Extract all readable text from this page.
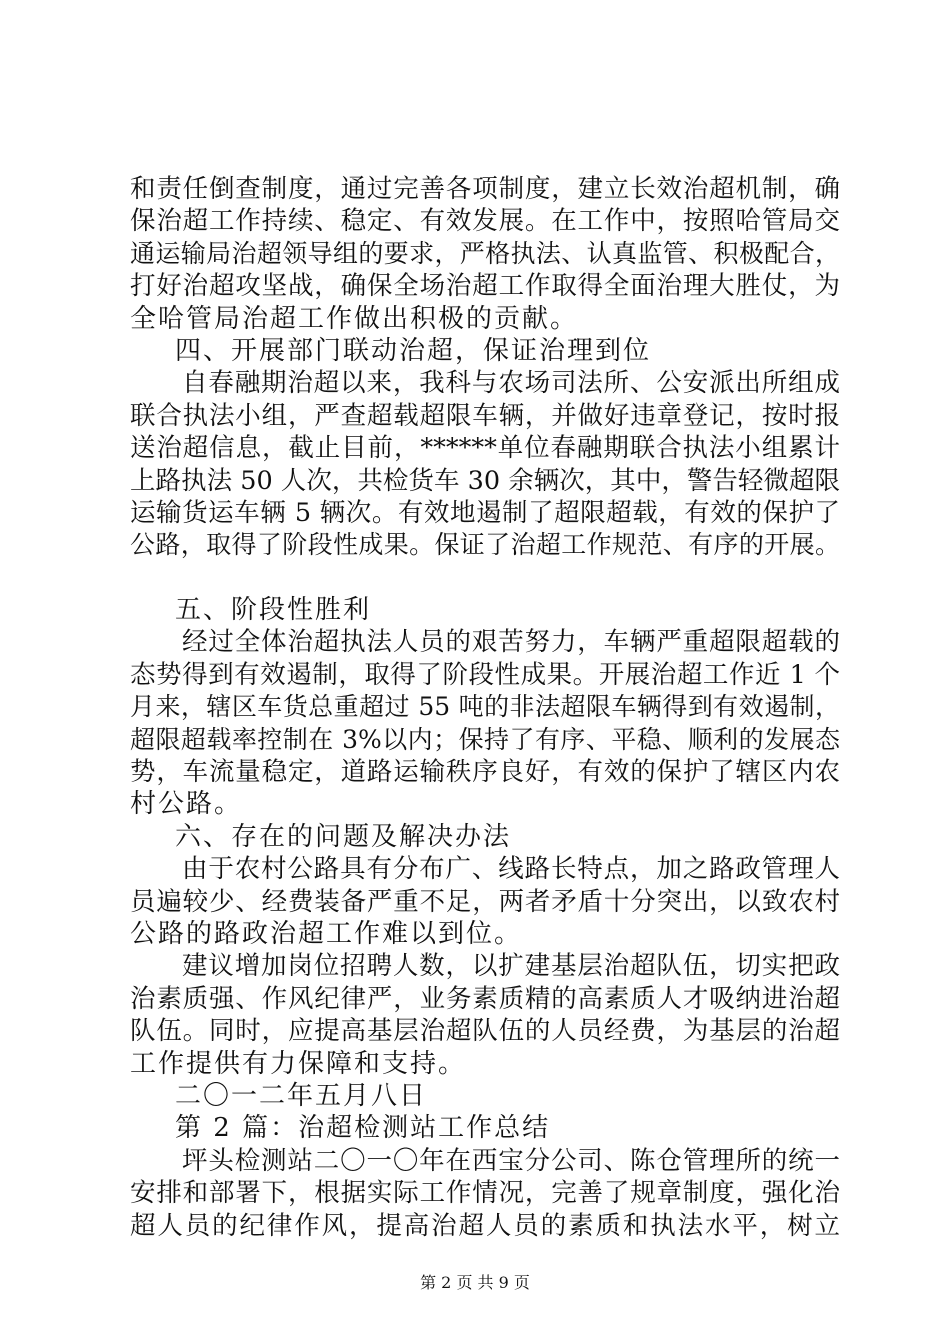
和责任倒查制度，通过完善各项制度，建立长效治超机制，确
保治超工作持续、稳定、有效发展。在工作中，按照哈管局交
通运输局治超领导组的要求，严格执法、认真监管、积极配合，
打好治超攻坚战，确保全场治超工作取得全面治理大胜仗，为
全哈管局治超工作做出积极的贡献。
四、开展部门联动治超，保证治理到位
自春融期治超以来，我科与农场司法所、公安派出所组成
联合执法小组，严查超载超限车辆，并做好违章登记，按时报
送治超信息，截止目前，******单位春融期联合执法小组累计
上路执法 50 人次，共检货车 30 余辆次，其中，警告轻微超限
运输货运车辆 5 辆次。有效地遏制了超限超载，有效的保护了
公路，取得了阶段性成果。保证了治超工作规范、有序的开展。
五、阶段性胜利
经过全体治超执法人员的艰苦努力，车辆严重超限超载的
态势得到有效遏制，取得了阶段性成果。开展治超工作近 1 个
月来，辖区车货总重超过 55 吨的非法超限车辆得到有效遏制，
超限超载率控制在 3%以内；保持了有序、平稳、顺利的发展态
势，车流量稳定，道路运输秩序良好，有效的保护了辖区内农
村公路。
六、存在的问题及解决办法
由于农村公路具有分布广、线路长特点，加之路政管理人
员遍较少、经费装备严重不足，两者矛盾十分突出，以致农村
公路的路政治超工作难以到位。
建议增加岗位招聘人数，以扩建基层治超队伍，切实把政
治素质强、作风纪律严，业务素质精的高素质人才吸纳进治超
队伍。同时，应提高基层治超队伍的人员经费，为基层的治超
工作提供有力保障和支持。
二〇一二年五月八日
第 2 篇：治超检测站工作总结
坪头检测站二〇一〇年在西宝分公司、陈仓管理所的统一
安排和部署下，根据实际工作情况，完善了规章制度，强化治
超人员的纪律作风，提高治超人员的素质和执法水平，树立
第 2 页 共 9 页
